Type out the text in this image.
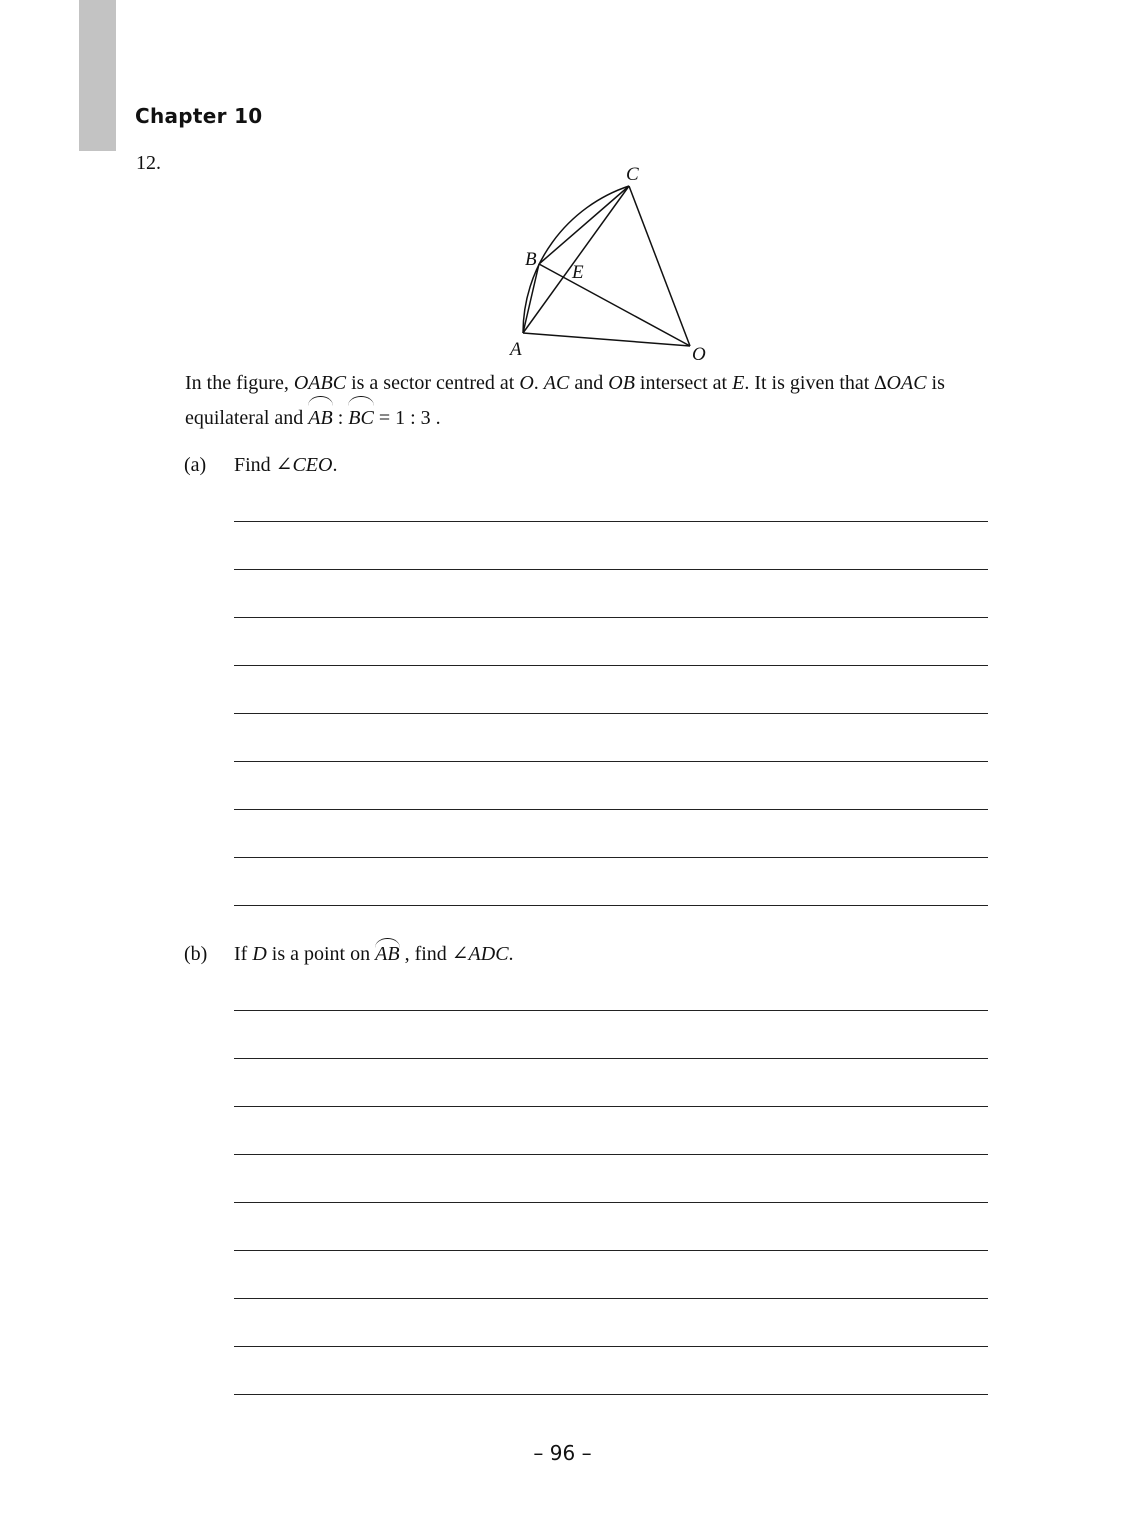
Chapter 10
12.
C
B
E
A	O
In the figure, OABC is a sector centred at O. AC and OB intersect at E. It is given that ∆OAC is equilateral and AB : BC = 1 : 3 .
(a) Find ∠CEO.
(b) If D is a point on AB , find ∠ADC.
– 96 –
